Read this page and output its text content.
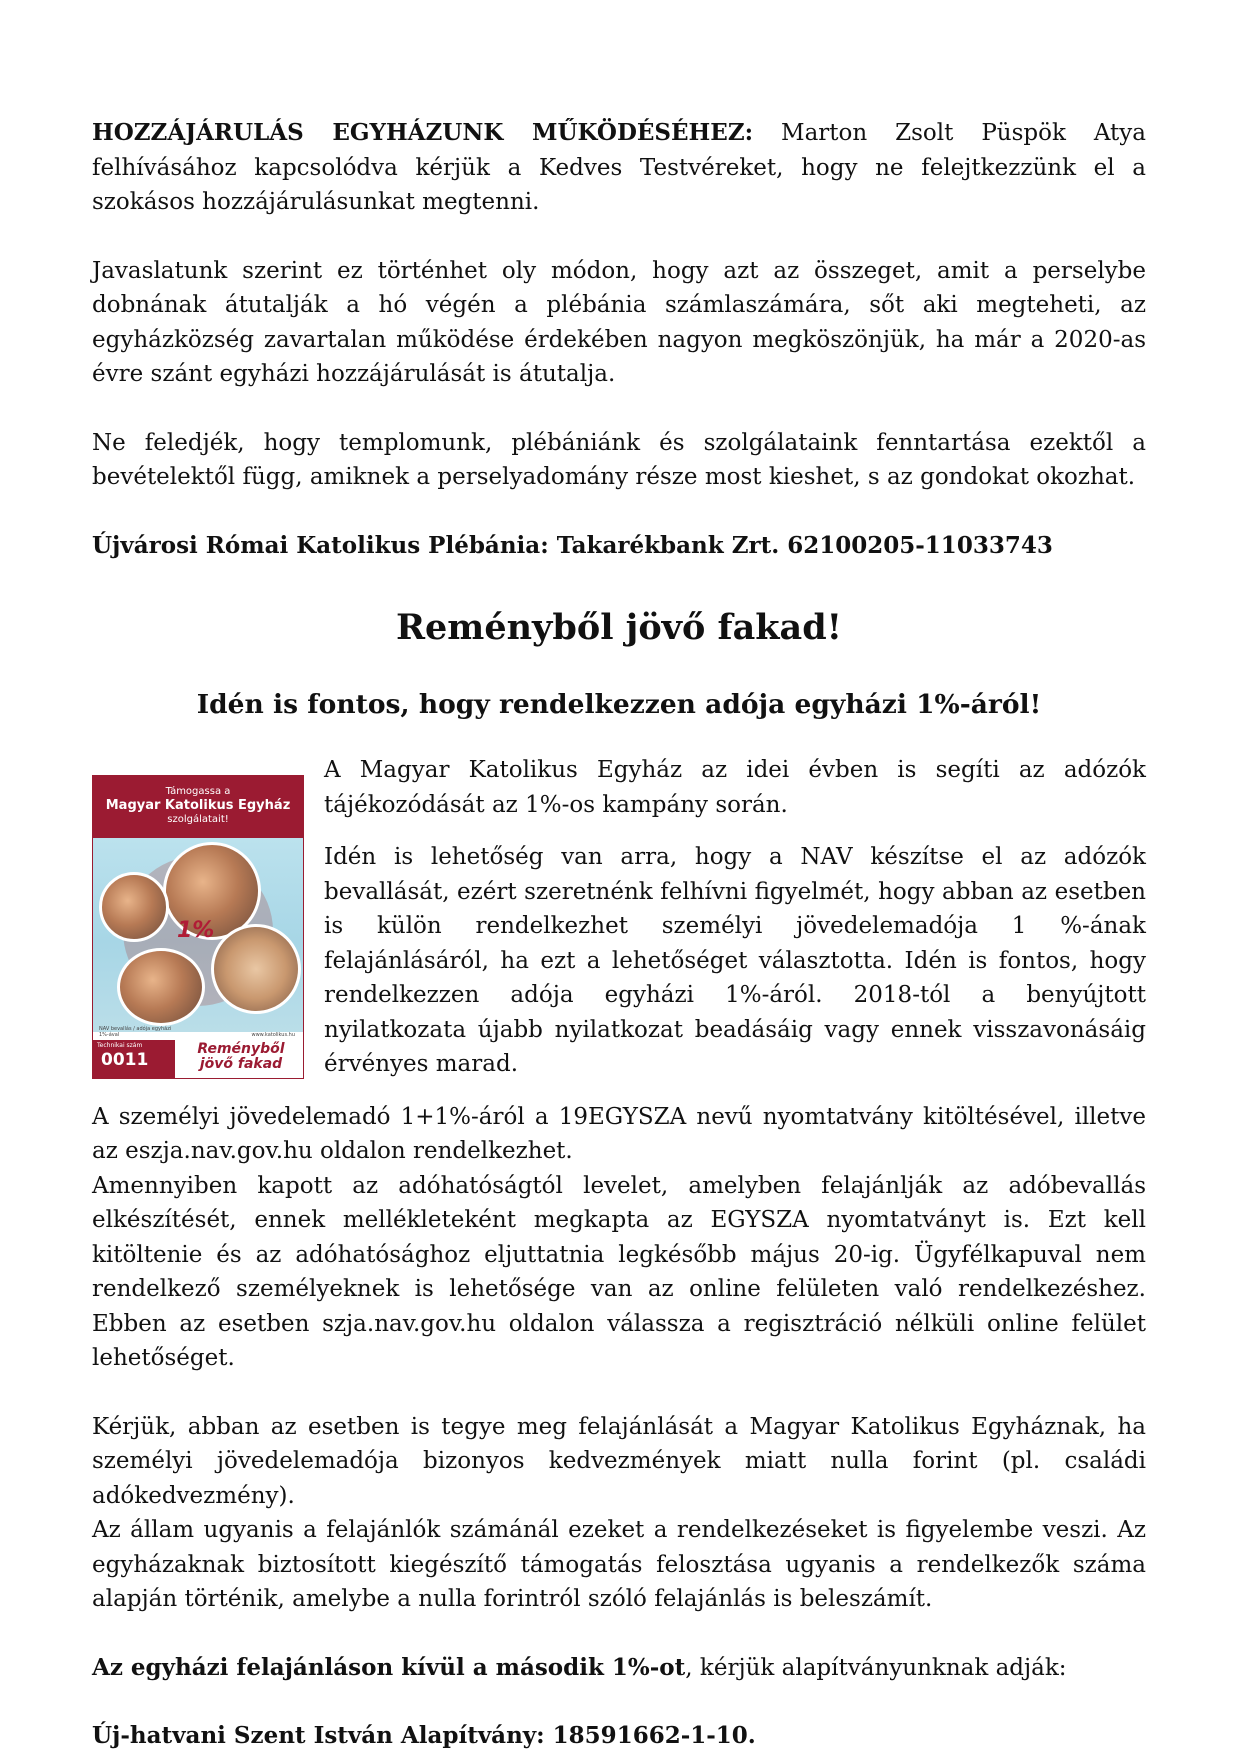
HOZZÁJÁRULÁS EGYHÁZUNK MŰKÖDÉSÉHEZ: Marton Zsolt Püspök Atya felhívásához kapcsolódva kérjük a Kedves Testvéreket, hogy ne felejtkezzünk el a szokásos hozzájárulásunkat megtenni.

Javaslatunk szerint ez történhet oly módon, hogy azt az összeget, amit a perselybe dobnának átutalják a hó végén a plébánia számlaszámára, sőt aki megteheti, az egyházközség zavartalan működése érdekében nagyon megköszönjük, ha már a 2020-as évre szánt egyházi hozzájárulását is átutalja.

Ne feledjék, hogy templomunk, plébániánk és szolgálataink fenntartása ezektől a bevételektől függ, amiknek a perselyadomány része most kieshet, s az gondokat okozhat.

Újvárosi Római Katolikus Plébánia: Takarékbank Zrt. 62100205-11033743

Reményből jövő fakad!
Idén is fontos, hogy rendelkezzen adója egyházi 1%-áról!
Támogassa a
Magyar Katolikus Egyház
szolgálatait!
1%
NAV bevallás / adója egyházi 1%-ával	www.katolikus.hu
Technikai szám
0011
Reményből
jövő fakad

A Magyar Katolikus Egyház az idei évben is segíti az adózók tájékozódását az 1%-os kampány során.

Idén is lehetőség van arra, hogy a NAV készítse el az adózók bevallását, ezért szeretnénk felhívni figyelmét, hogy abban az esetben is külön rendelkezhet személyi jövedelemadója 1 %-ának felajánlásáról, ha ezt a lehetőséget választotta. Idén is fontos, hogy rendelkezzen adója egyházi 1%-áról. 2018-tól a benyújtott nyilatkozata újabb nyilatkozat beadásáig vagy ennek visszavonásáig érvényes marad.

A személyi jövedelemadó 1+1%-áról a 19EGYSZA nevű nyomtatvány kitöltésével, illetve az eszja.nav.gov.hu oldalon rendelkezhet.

Amennyiben kapott az adóhatóságtól levelet, amelyben felajánlják az adóbevallás elkészítését, ennek mellékleteként megkapta az EGYSZA nyomtatványt is. Ezt kell kitöltenie és az adóhatósághoz eljuttatnia legkésőbb május 20-ig. Ügyfélkapuval nem rendelkező személyeknek is lehetősége van az online felületen való rendelkezéshez. Ebben az esetben szja.nav.gov.hu oldalon válassza a regisztráció nélküli online felület lehetőséget.

Kérjük, abban az esetben is tegye meg felajánlását a Magyar Katolikus Egyháznak, ha személyi jövedelemadója bizonyos kedvezmények miatt nulla forint (pl. családi adókedvezmény).

Az állam ugyanis a felajánlók számánál ezeket a rendelkezéseket is figyelembe veszi. Az egyházaknak biztosított kiegészítő támogatás felosztása ugyanis a rendelkezők száma alapján történik, amelybe a nulla forintról szóló felajánlás is beleszámít.

Az egyházi felajánláson kívül a második 1%-ot, kérjük alapítványunknak adják:

Új-hatvani Szent István Alapítvány: 18591662-1-10.
